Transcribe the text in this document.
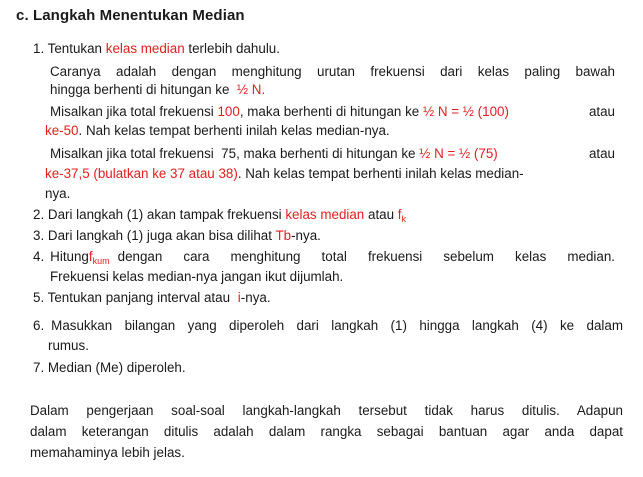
c. Langkah Menentukan Median
1. Tentukan kelas median terlebih dahulu.
Caranya adalah dengan menghitung urutan frekuensi dari kelas paling bawah
hingga berhenti di hitungan ke ½ N.
Misalkan jika total frekuensi 100, maka berhenti di hitungan ke ½ N = ½ (100)	atau
ke-50. Nah kelas tempat berhenti inilah kelas median-nya.
Misalkan jika total frekuensi  75, maka berhenti di hitungan ke ½ N = ½ (75)	atau
ke-37,5 (bulatkan ke 37 atau 38). Nah kelas tempat berhenti inilah kelas median-
nya.
2. Dari langkah (1) akan tampak frekuensi kelas median atau $f_k$
3. Dari langkah (1) juga akan bisa dilihat Tb-nya.
4. Hitung $f_{kum}$ dengan cara menghitung total frekuensi sebelum kelas median.
Frekuensi kelas median-nya jangan ikut dijumlah.
5. Tentukan panjang interval atau i-nya.
6. Masukkan bilangan yang diperoleh dari langkah (1) hingga langkah (4) ke dalam
rumus.
7. Median (Me) diperoleh.
Dalam pengerjaan soal-soal langkah-langkah tersebut tidak harus ditulis. Adapun
dalam keterangan ditulis adalah dalam rangka sebagai bantuan agar anda dapat
memahaminya lebih jelas.
